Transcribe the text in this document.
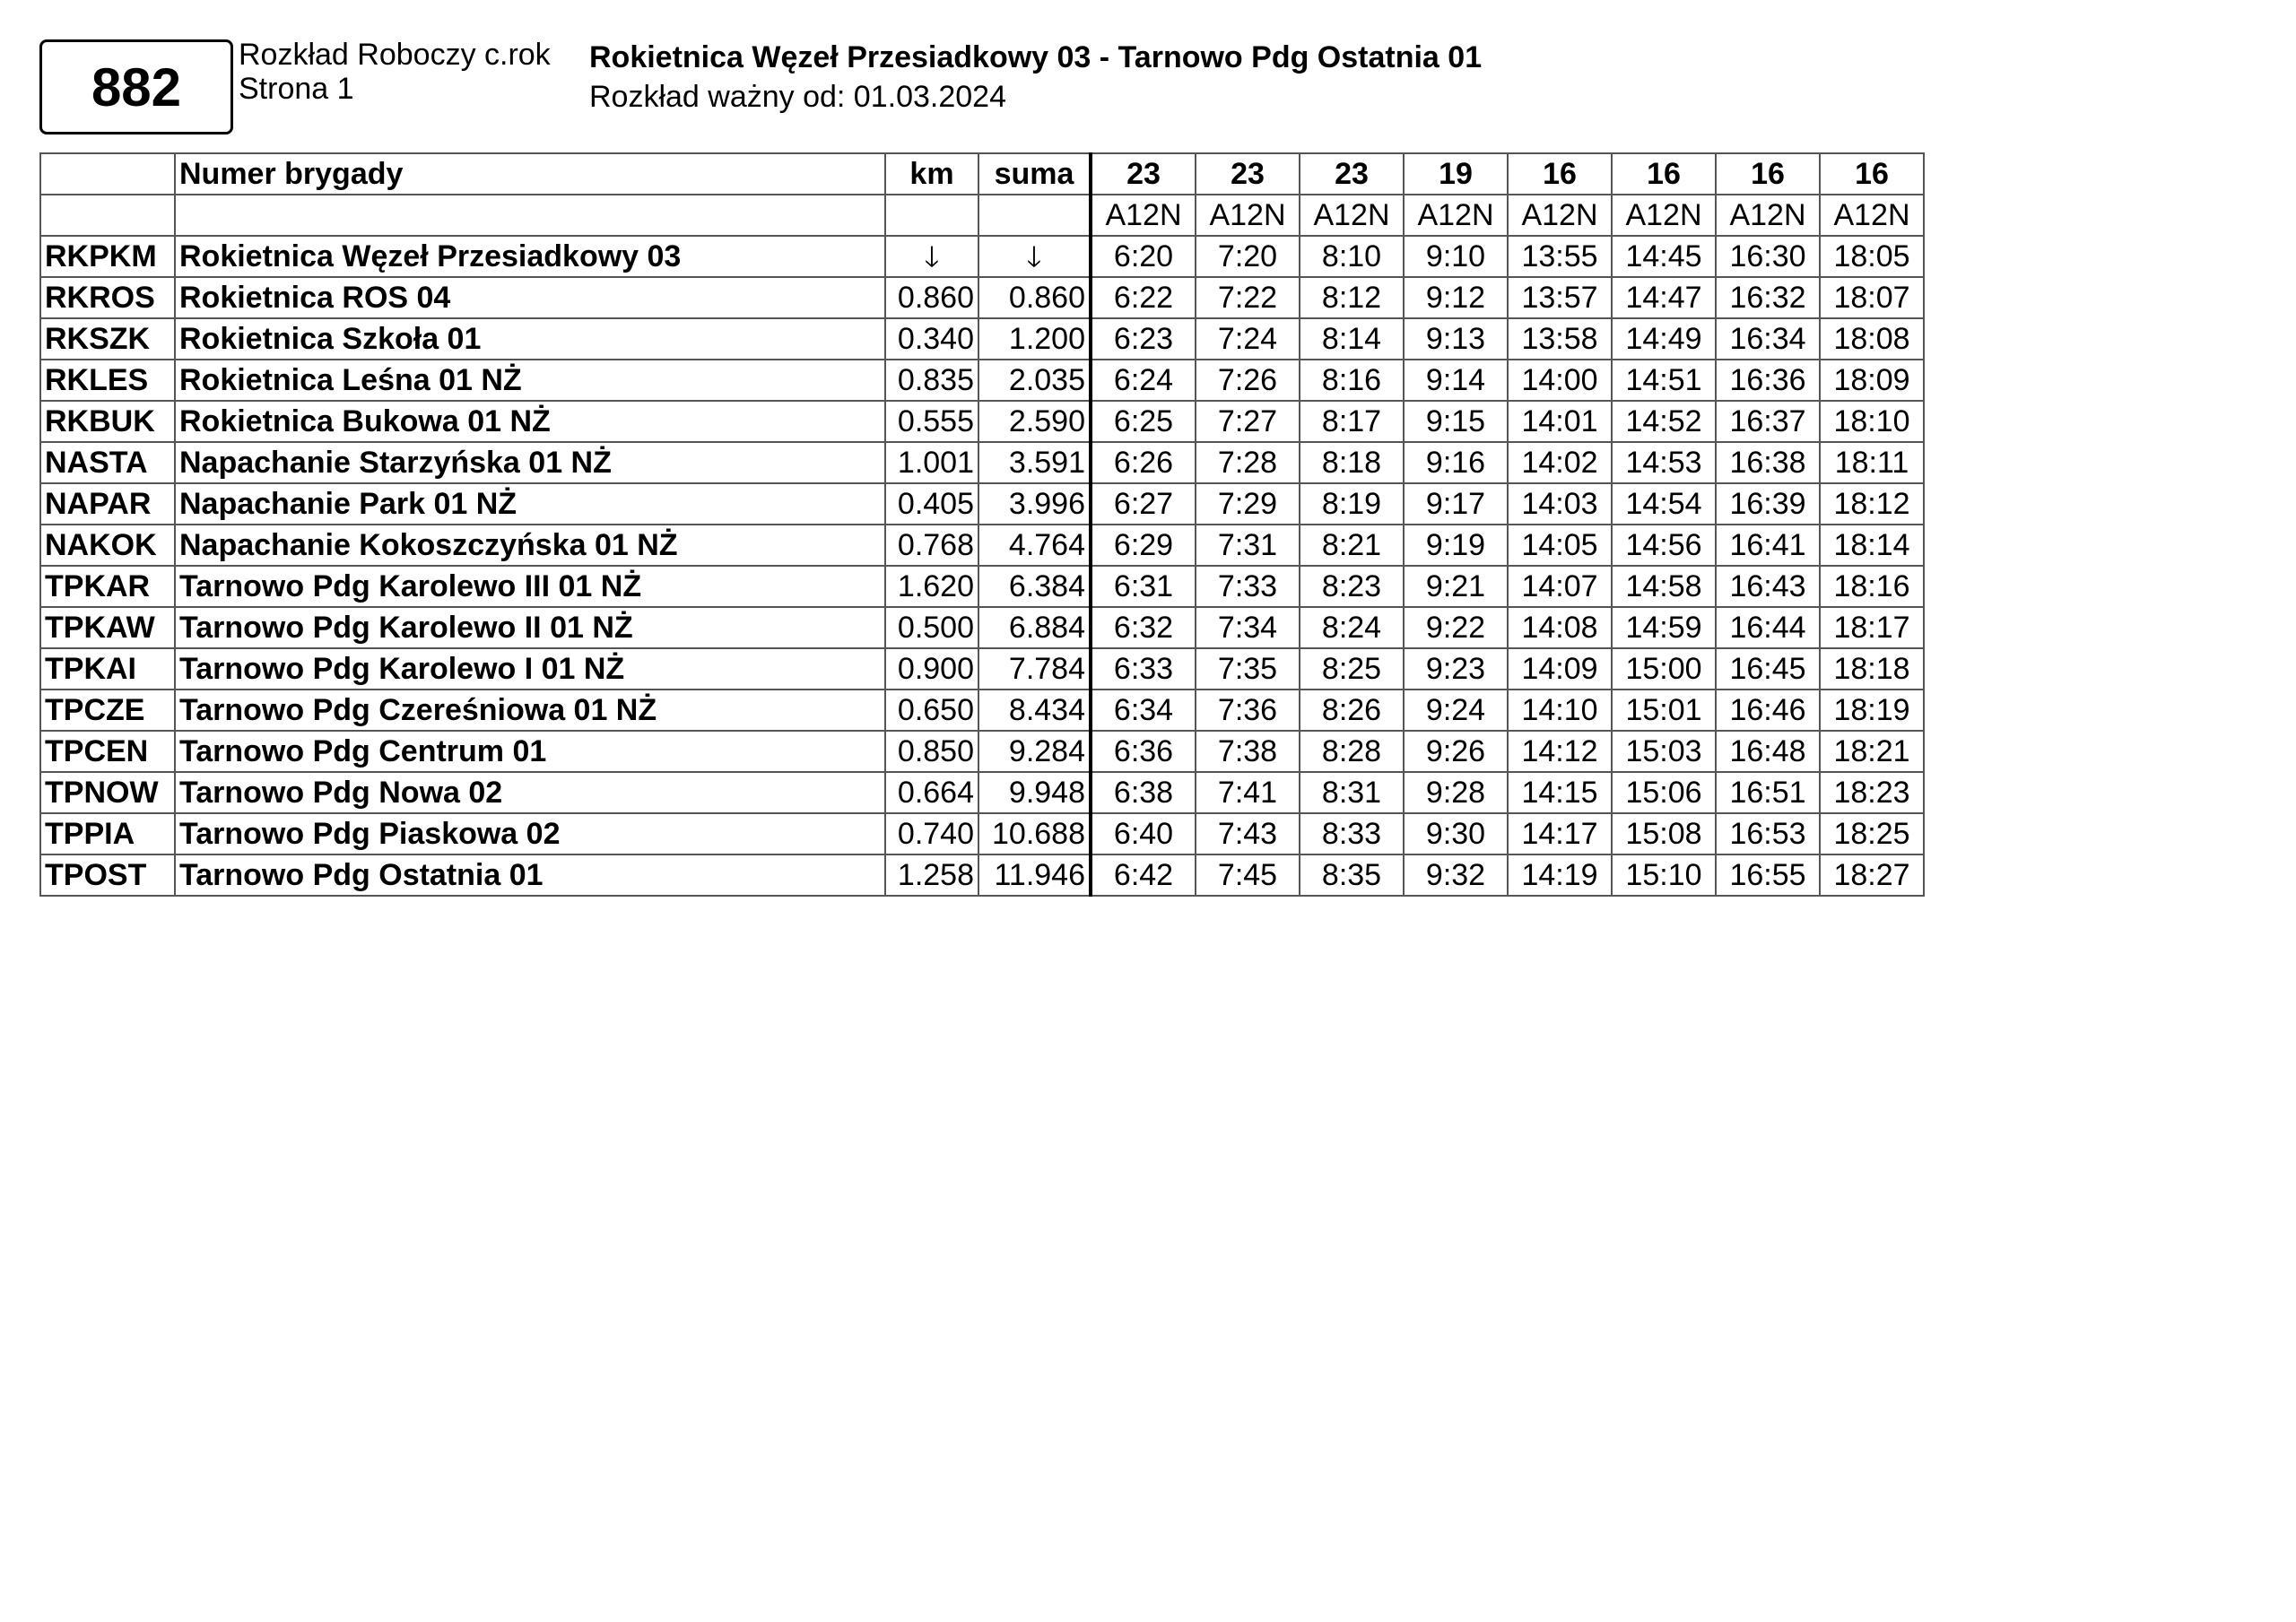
882
Rozkład Roboczy c.rok
Strona 1
Rokietnica Węzeł Przesiadkowy 03 - Tarnowo Pdg Ostatnia 01
Rozkład ważny od: 01.03.2024
	Numer brygady	km	suma	23	23	23	19	16	16	16	16
				A12N	A12N	A12N	A12N	A12N	A12N	A12N	A12N
RKPKM	Rokietnica Węzeł Przesiadkowy 03	🡓	🡓	6:20	7:20	8:10	9:10	13:55	14:45	16:30	18:05
RKROS	Rokietnica ROS 04	0.860	0.860	6:22	7:22	8:12	9:12	13:57	14:47	16:32	18:07
RKSZK	Rokietnica Szkoła 01	0.340	1.200	6:23	7:24	8:14	9:13	13:58	14:49	16:34	18:08
RKLES	Rokietnica Leśna 01 NŻ	0.835	2.035	6:24	7:26	8:16	9:14	14:00	14:51	16:36	18:09
RKBUK	Rokietnica Bukowa 01 NŻ	0.555	2.590	6:25	7:27	8:17	9:15	14:01	14:52	16:37	18:10
NASTA	Napachanie Starzyńska 01 NŻ	1.001	3.591	6:26	7:28	8:18	9:16	14:02	14:53	16:38	18:11
NAPAR	Napachanie Park 01 NŻ	0.405	3.996	6:27	7:29	8:19	9:17	14:03	14:54	16:39	18:12
NAKOK	Napachanie Kokoszczyńska 01 NŻ	0.768	4.764	6:29	7:31	8:21	9:19	14:05	14:56	16:41	18:14
TPKAR	Tarnowo Pdg Karolewo III 01 NŻ	1.620	6.384	6:31	7:33	8:23	9:21	14:07	14:58	16:43	18:16
TPKAW	Tarnowo Pdg Karolewo II 01 NŻ	0.500	6.884	6:32	7:34	8:24	9:22	14:08	14:59	16:44	18:17
TPKAI	Tarnowo Pdg Karolewo I 01 NŻ	0.900	7.784	6:33	7:35	8:25	9:23	14:09	15:00	16:45	18:18
TPCZE	Tarnowo Pdg Czereśniowa 01 NŻ	0.650	8.434	6:34	7:36	8:26	9:24	14:10	15:01	16:46	18:19
TPCEN	Tarnowo Pdg Centrum 01	0.850	9.284	6:36	7:38	8:28	9:26	14:12	15:03	16:48	18:21
TPNOW	Tarnowo Pdg Nowa 02	0.664	9.948	6:38	7:41	8:31	9:28	14:15	15:06	16:51	18:23
TPPIA	Tarnowo Pdg Piaskowa 02	0.740	10.688	6:40	7:43	8:33	9:30	14:17	15:08	16:53	18:25
TPOST	Tarnowo Pdg Ostatnia 01	1.258	11.946	6:42	7:45	8:35	9:32	14:19	15:10	16:55	18:27
